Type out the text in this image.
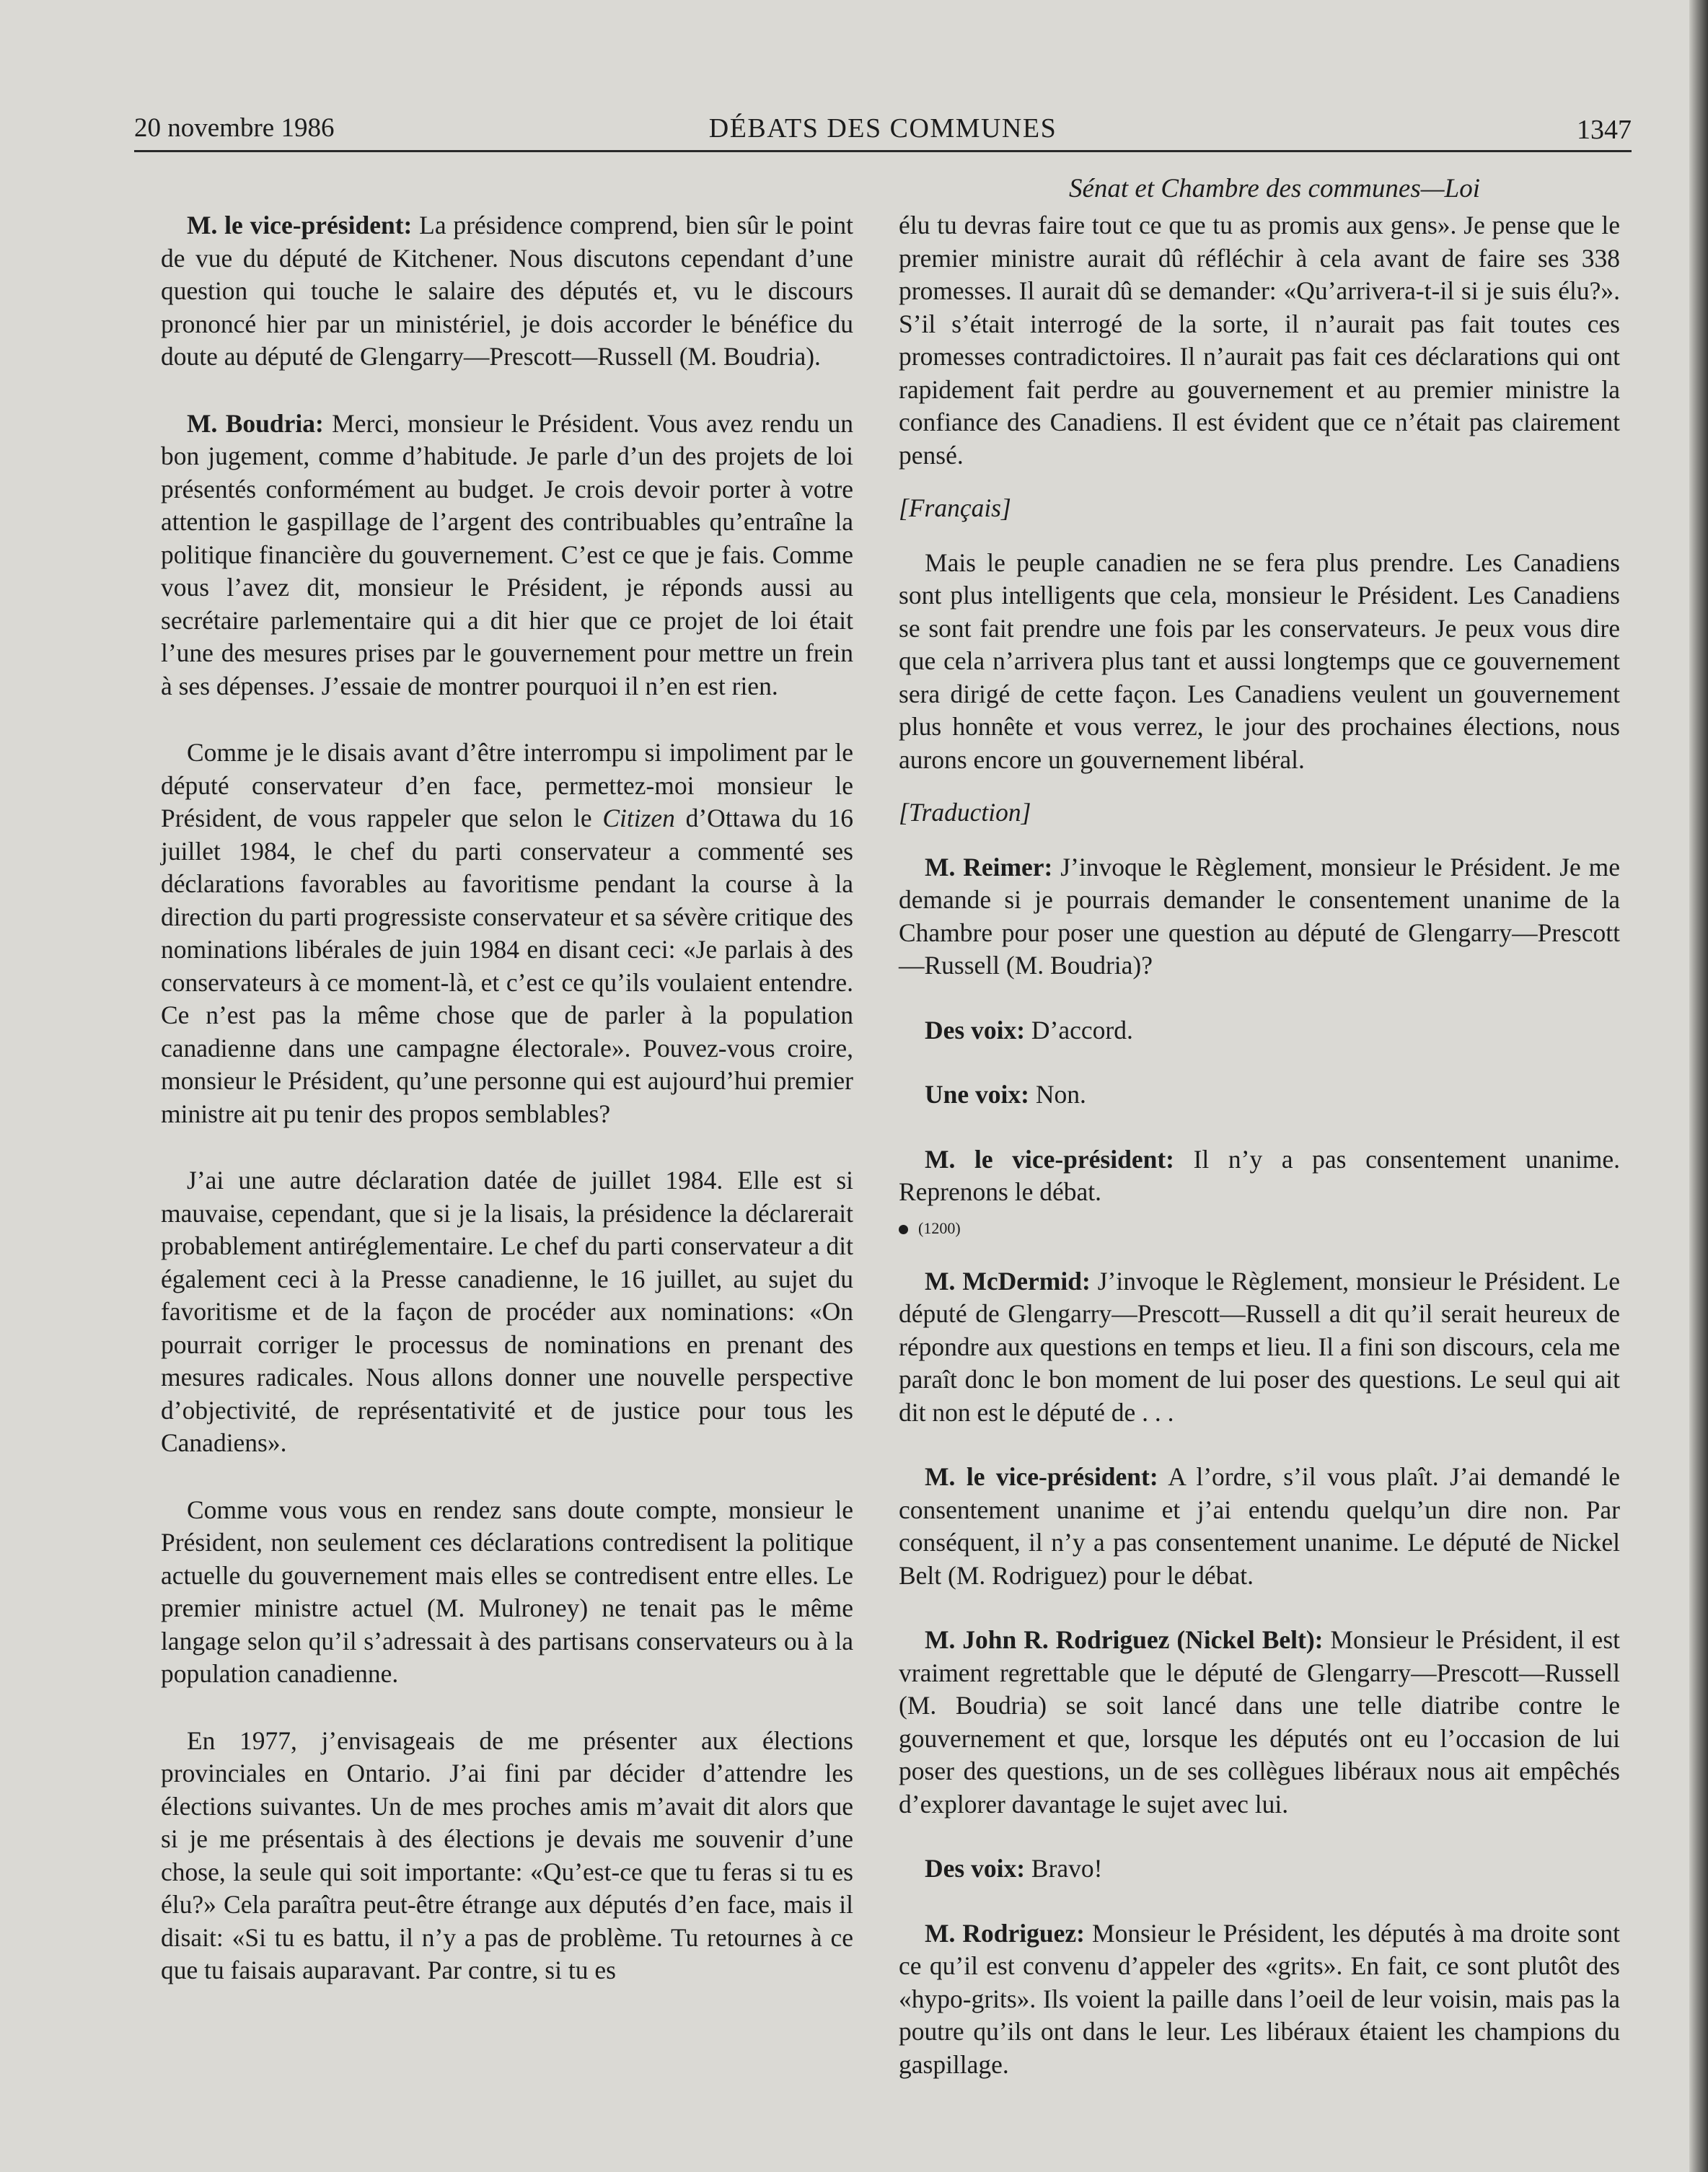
20 novembre 1986	DÉBATS DES COMMUNES	1347
Sénat et Chambre des communes—Loi

M. le vice-président: La présidence comprend, bien sûr le point de vue du député de Kitchener. Nous discutons cependant d’une question qui touche le salaire des députés et, vu le discours prononcé hier par un ministériel, je dois accorder le bénéfice du doute au député de Glengarry—Prescott—Russell (M. Boudria).

M. Boudria: Merci, monsieur le Président. Vous avez rendu un bon jugement, comme d’habitude. Je parle d’un des projets de loi présentés conformément au budget. Je crois devoir porter à votre attention le gaspillage de l’argent des contribuables qu’entraîne la politique financière du gouvernement. C’est ce que je fais. Comme vous l’avez dit, monsieur le Président, je réponds aussi au secrétaire parlementaire qui a dit hier que ce projet de loi était l’une des mesures prises par le gouvernement pour mettre un frein à ses dépenses. J’essaie de montrer pourquoi il n’en est rien.

Comme je le disais avant d’être interrompu si impoliment par le député conservateur d’en face, permettez-moi monsieur le Président, de vous rappeler que selon le Citizen d’Ottawa du 16 juillet 1984, le chef du parti conservateur a commenté ses déclarations favorables au favoritisme pendant la course à la direction du parti progressiste conservateur et sa sévère critique des nominations libérales de juin 1984 en disant ceci: «Je parlais à des conservateurs à ce moment-là, et c’est ce qu’ils voulaient entendre. Ce n’est pas la même chose que de parler à la population canadienne dans une campagne électorale». Pouvez-vous croire, monsieur le Président, qu’une personne qui est aujourd’hui premier ministre ait pu tenir des propos semblables?

J’ai une autre déclaration datée de juillet 1984. Elle est si mauvaise, cependant, que si je la lisais, la présidence la déclarerait probablement antiréglementaire. Le chef du parti conservateur a dit également ceci à la Presse canadienne, le 16 juillet, au sujet du favoritisme et de la façon de procéder aux nominations: «On pourrait corriger le processus de nominations en prenant des mesures radicales. Nous allons donner une nouvelle perspective d’objectivité, de représentativité et de justice pour tous les Canadiens».

Comme vous vous en rendez sans doute compte, monsieur le Président, non seulement ces déclarations contredisent la politique actuelle du gouvernement mais elles se contredisent entre elles. Le premier ministre actuel (M. Mulroney) ne tenait pas le même langage selon qu’il s’adressait à des partisans conservateurs ou à la population canadienne.

En 1977, j’envisageais de me présenter aux élections provinciales en Ontario. J’ai fini par décider d’attendre les élections suivantes. Un de mes proches amis m’avait dit alors que si je me présentais à des élections je devais me souvenir d’une chose, la seule qui soit importante: «Qu’est-ce que tu feras si tu es élu?» Cela paraîtra peut-être étrange aux députés d’en face, mais il disait: «Si tu es battu, il n’y a pas de problème. Tu retournes à ce que tu faisais auparavant. Par contre, si tu es

élu tu devras faire tout ce que tu as promis aux gens». Je pense que le premier ministre aurait dû réfléchir à cela avant de faire ses 338 promesses. Il aurait dû se demander: «Qu’arrivera-t-il si je suis élu?». S’il s’était interrogé de la sorte, il n’aurait pas fait toutes ces promesses contradictoires. Il n’aurait pas fait ces déclarations qui ont rapidement fait perdre au gouvernement et au premier ministre la confiance des Canadiens. Il est évident que ce n’était pas clairement pensé.

[Français]

Mais le peuple canadien ne se fera plus prendre. Les Canadiens sont plus intelligents que cela, monsieur le Président. Les Canadiens se sont fait prendre une fois par les conservateurs. Je peux vous dire que cela n’arrivera plus tant et aussi longtemps que ce gouvernement sera dirigé de cette façon. Les Canadiens veulent un gouvernement plus honnête et vous verrez, le jour des prochaines élections, nous aurons encore un gouvernement libéral.

[Traduction]

M. Reimer: J’invoque le Règlement, monsieur le Président. Je me demande si je pourrais demander le consentement unanime de la Chambre pour poser une question au député de Glengarry—Prescott—Russell (M. Boudria)?

Des voix: D’accord.

Une voix: Non.

M. le vice-président: Il n’y a pas consentement unanime. Reprenons le débat.

(1200)

M. McDermid: J’invoque le Règlement, monsieur le Président. Le député de Glengarry—Prescott—Russell a dit qu’il serait heureux de répondre aux questions en temps et lieu. Il a fini son discours, cela me paraît donc le bon moment de lui poser des questions. Le seul qui ait dit non est le député de . . .

M. le vice-président: A l’ordre, s’il vous plaît. J’ai demandé le consentement unanime et j’ai entendu quelqu’un dire non. Par conséquent, il n’y a pas consentement unanime. Le député de Nickel Belt (M. Rodriguez) pour le débat.

M. John R. Rodriguez (Nickel Belt): Monsieur le Président, il est vraiment regrettable que le député de Glengarry—Prescott—Russell (M. Boudria) se soit lancé dans une telle diatribe contre le gouvernement et que, lorsque les députés ont eu l’occasion de lui poser des questions, un de ses collègues libéraux nous ait empêchés d’explorer davantage le sujet avec lui.

Des voix: Bravo!

M. Rodriguez: Monsieur le Président, les députés à ma droite sont ce qu’il est convenu d’appeler des «grits». En fait, ce sont plutôt des «hypo-grits». Ils voient la paille dans l’oeil de leur voisin, mais pas la poutre qu’ils ont dans le leur. Les libéraux étaient les champions du gaspillage.
